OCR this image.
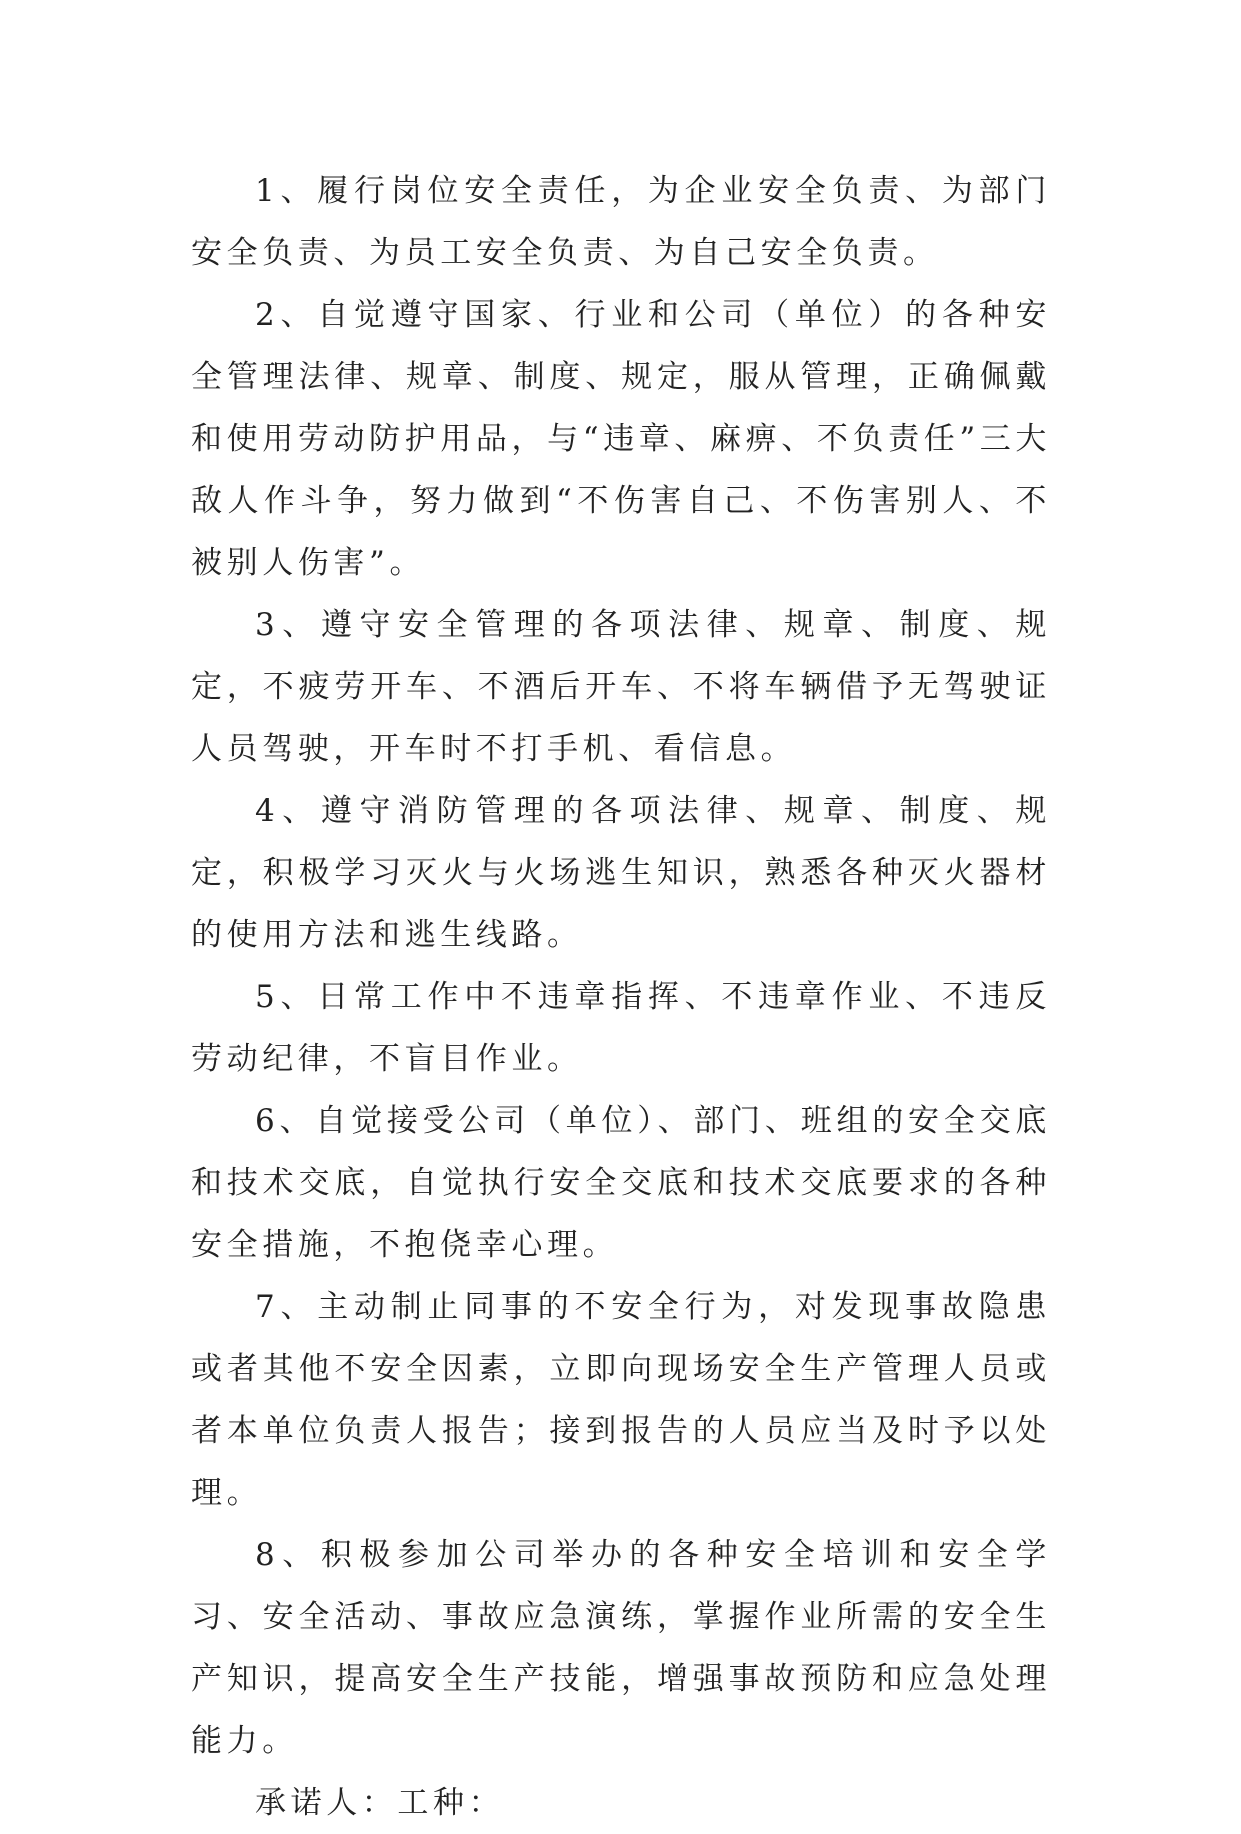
1、履行岗位安全责任，为企业安全负责、为部门安全负责、为员工安全负责、为自己安全负责。

2、自觉遵守国家、行业和公司（单位）的各种安全管理法律、规章、制度、规定，服从管理，正确佩戴和使用劳动防护用品，与“违章、麻痹、不负责任”三大敌人作斗争，努力做到“不伤害自己、不伤害别人、不被别人伤害”。

3、遵守安全管理的各项法律、规章、制度、规定，不疲劳开车、不酒后开车、不将车辆借予无驾驶证人员驾驶，开车时不打手机、看信息。

4、遵守消防管理的各项法律、规章、制度、规定，积极学习灭火与火场逃生知识，熟悉各种灭火器材的使用方法和逃生线路。

5、日常工作中不违章指挥、不违章作业、不违反劳动纪律，不盲目作业。

6、自觉接受公司（单位）、部门、班组的安全交底和技术交底，自觉执行安全交底和技术交底要求的各种安全措施，不抱侥幸心理。

7、主动制止同事的不安全行为，对发现事故隐患或者其他不安全因素，立即向现场安全生产管理人员或者本单位负责人报告；接到报告的人员应当及时予以处理。

8、积极参加公司举办的各种安全培训和安全学习、安全活动、事故应急演练，掌握作业所需的安全生产知识，提高安全生产技能，增强事故预防和应急处理能力。

承诺人：工种：
